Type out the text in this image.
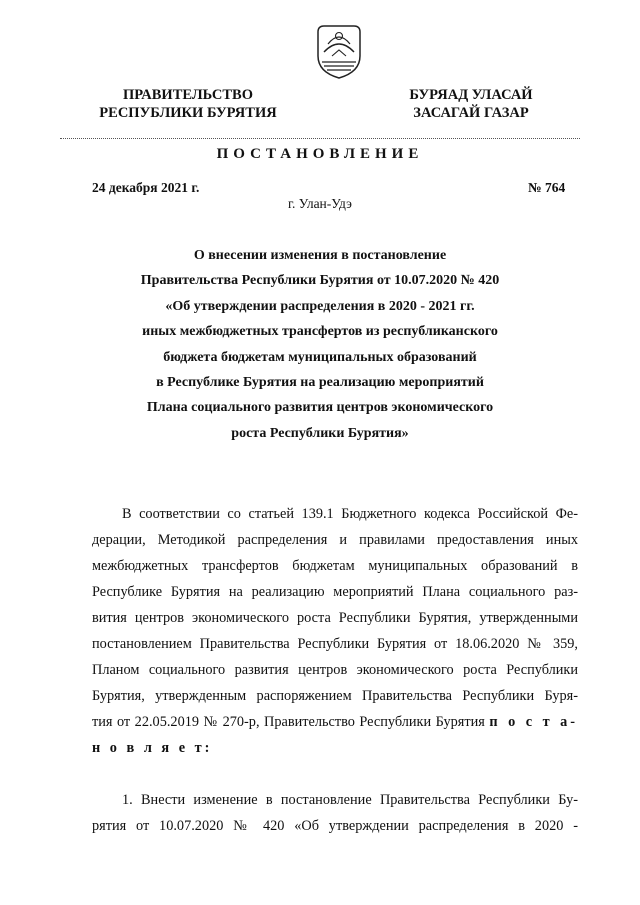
ПРАВИТЕЛЬСТВО
РЕСПУБЛИКИ БУРЯТИЯ
БУРЯАД УЛАСАЙ
ЗАСАГАЙ ГАЗАР
ПОСТАНОВЛЕНИЕ
24 декабря 2021 г.	№ 764
г. Улан-Удэ
О внесении изменения в постановление
Правительства Республики Бурятия от 10.07.2020 № 420
«Об утверждении распределения в 2020 - 2021 гг.
иных межбюджетных трансфертов из республиканского
бюджета бюджетам муниципальных образований
в Республике Бурятия на реализацию мероприятий
Плана социального развития центров экономического
роста Республики Бурятия»
В соответствии со статьей 139.1 Бюджетного кодекса Российской Фе-
дерации, Методикой распределения и правилами предоставления иных
межбюджетных трансфертов бюджетам муниципальных образований в
Республике Бурятия на реализацию мероприятий Плана социального раз-
вития центров экономического роста Республики Бурятия, утвержденными
постановлением Правительства Республики Бурятия от 18.06.2020 № 359,
Планом социального развития центров экономического роста Республики
Бурятия, утвержденным распоряжением Правительства Республики Буря-
тия от 22.05.2019 № 270-р, Правительство Республики Бурятия п о с т а-
н о в л я е т:
1. Внести изменение в постановление Правительства Республики Бу-
рятия от 10.07.2020 № 420 «Об утверждении распределения в 2020 -
